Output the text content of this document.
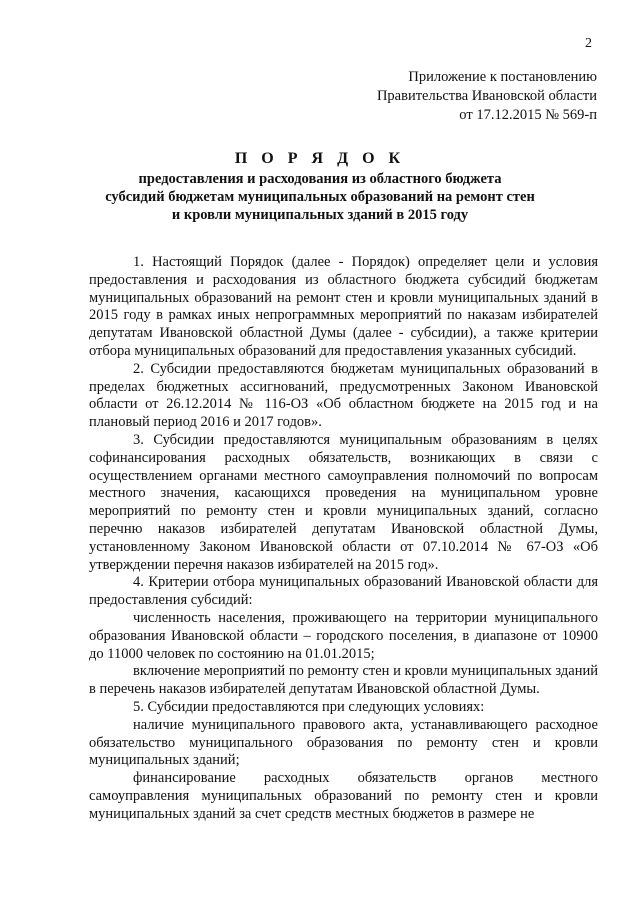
2
Приложение к постановлению
Правительства Ивановской области
от 17.12.2015 № 569-п
П О Р Я Д О К
предоставления и расходования из областного бюджета
субсидий бюджетам муниципальных образований на ремонт стен
и кровли муниципальных зданий в 2015 году

1. Настоящий Порядок (далее - Порядок) определяет цели и условия предоставления и расходования из областного бюджета субсидий бюджетам муниципальных образований на ремонт стен и кровли муниципальных зданий в 2015 году в рамках иных непрограммных мероприятий по наказам избирателей депутатам Ивановской областной Думы (далее - субсидии), а также критерии отбора муниципальных образований для предоставления указанных субсидий.

2. Субсидии предоставляются бюджетам муниципальных образований в пределах бюджетных ассигнований, предусмотренных Законом Ивановской области от 26.12.2014 № 116-ОЗ «Об областном бюджете на 2015 год и на плановый период 2016 и 2017 годов».

3. Субсидии предоставляются муниципальным образованиям в целях софинансирования расходных обязательств, возникающих в связи с осуществлением органами местного самоуправления полномочий по вопросам местного значения, касающихся проведения на муниципальном уровне мероприятий по ремонту стен и кровли муниципальных зданий, согласно перечню наказов избирателей депутатам Ивановской областной Думы, установленному Законом Ивановской области от 07.10.2014 № 67-ОЗ «Об утверждении перечня наказов избирателей на 2015 год».

4. Критерии отбора муниципальных образований Ивановской области для предоставления субсидий:

численность населения, проживающего на территории муниципального образования Ивановской области – городского поселения, в диапазоне от 10900 до 11000 человек по состоянию на 01.01.2015;

включение мероприятий по ремонту стен и кровли муниципальных зданий в перечень наказов избирателей депутатам Ивановской областной Думы.

5. Субсидии предоставляются при следующих условиях:

наличие муниципального правового акта, устанавливающего расходное обязательство муниципального образования по ремонту стен и кровли муниципальных зданий;

финансирование расходных обязательств органов местного самоуправления муниципальных образований по ремонту стен и кровли муниципальных зданий за счет средств местных бюджетов в размере не
